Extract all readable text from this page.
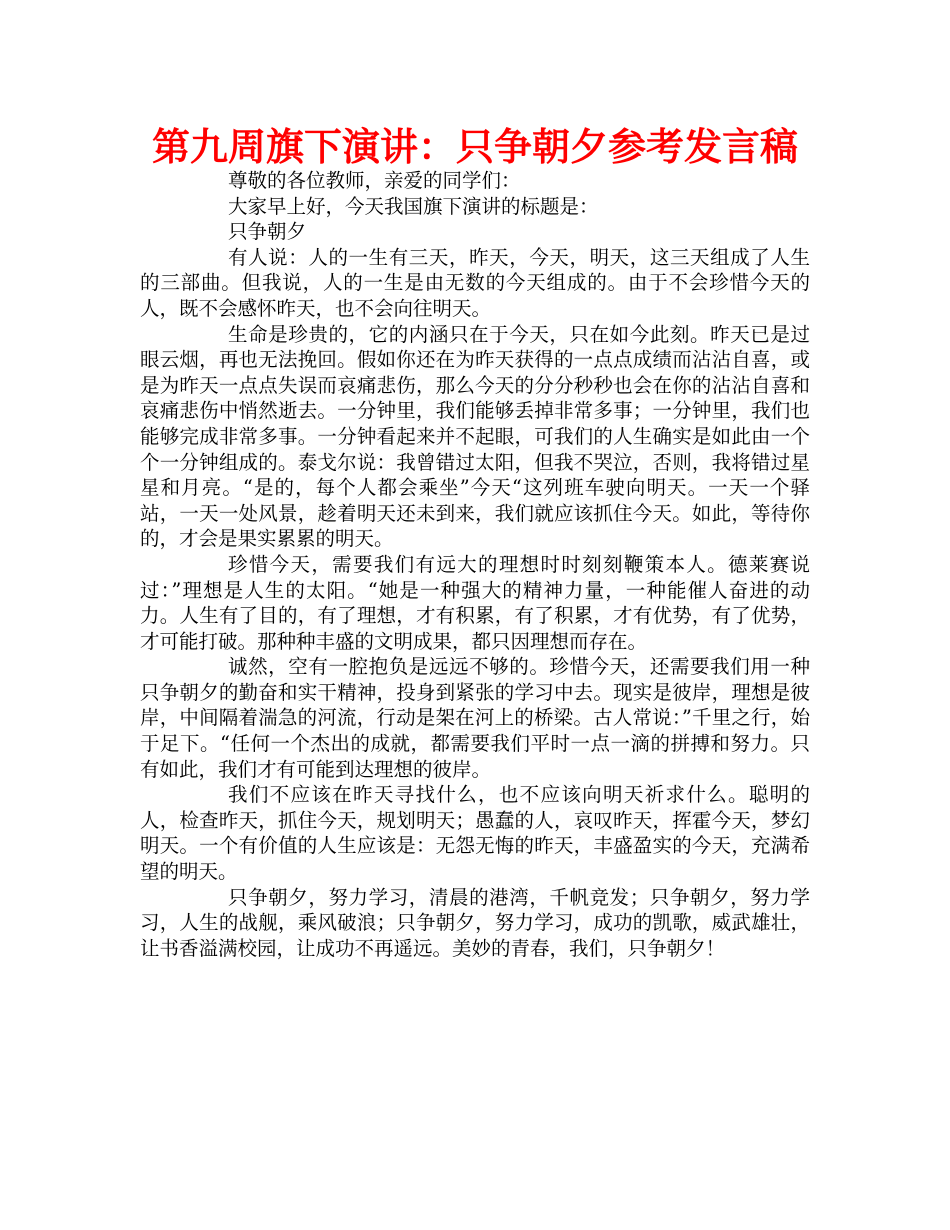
第九周旗下演讲：只争朝夕参考发言稿

尊敬的各位教师，亲爱的同学们：

大家早上好，今天我国旗下演讲的标题是：

只争朝夕

有人说：人的一生有三天，昨天，今天，明天，这三天组成了人生的三部曲。但我说，人的一生是由无数的今天组成的。由于不会珍惜今天的人，既不会感怀昨天，也不会向往明天。

生命是珍贵的，它的内涵只在于今天，只在如今此刻。昨天已是过眼云烟，再也无法挽回。假如你还在为昨天获得的一点点成绩而沾沾自喜，或是为昨天一点点失误而哀痛悲伤，那么今天的分分秒秒也会在你的沾沾自喜和哀痛悲伤中悄然逝去。一分钟里，我们能够丢掉非常多事；一分钟里，我们也能够完成非常多事。一分钟看起来并不起眼，可我们的人生确实是如此由一个个一分钟组成的。泰戈尔说：我曾错过太阳，但我不哭泣，否则，我将错过星星和月亮。“是的，每个人都会乘坐”今天“这列班车驶向明天。一天一个驿站，一天一处风景，趁着明天还未到来，我们就应该抓住今天。如此，等待你的，才会是果实累累的明天。

珍惜今天，需要我们有远大的理想时时刻刻鞭策本人。德莱赛说过：”理想是人生的太阳。“她是一种强大的精神力量，一种能催人奋进的动力。人生有了目的，有了理想，才有积累，有了积累，才有优势，有了优势，才可能打破。那种种丰盛的文明成果，都只因理想而存在。

诚然，空有一腔抱负是远远不够的。珍惜今天，还需要我们用一种只争朝夕的勤奋和实干精神，投身到紧张的学习中去。现实是彼岸，理想是彼岸，中间隔着湍急的河流，行动是架在河上的桥梁。古人常说：”千里之行，始于足下。“任何一个杰出的成就，都需要我们平时一点一滴的拼搏和努力。只有如此，我们才有可能到达理想的彼岸。

我们不应该在昨天寻找什么，也不应该向明天祈求什么。聪明的人，检查昨天，抓住今天，规划明天；愚蠢的人，哀叹昨天，挥霍今天，梦幻明天。一个有价值的人生应该是：无怨无悔的昨天，丰盛盈实的今天，充满希望的明天。

只争朝夕，努力学习，清晨的港湾，千帆竞发；只争朝夕，努力学习，人生的战舰，乘风破浪；只争朝夕，努力学习，成功的凯歌，威武雄壮，让书香溢满校园，让成功不再遥远。美妙的青春，我们，只争朝夕！
